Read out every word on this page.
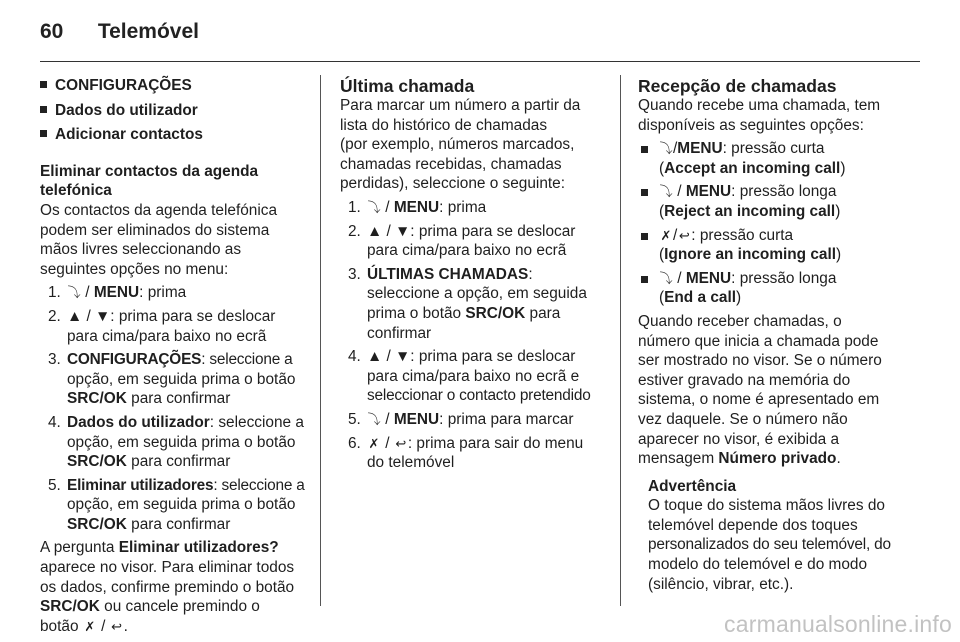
60 Telemóvel

CONFIGURAÇÕES

Dados do utilizador

Adicionar contactos

Eliminar contactos da agenda

telefónica

Os contactos da agenda telefónica

podem ser eliminados do sistema

mãos livres seleccionando as

seguintes opções no menu:

1. ⤵ / MENU: prima
2. ▲ / ▼: prima para se deslocar

para cima/para baixo no ecrã

3. CONFIGURAÇÕES: seleccione a

opção, em seguida prima o botão

SRC/OK para confirmar

4. Dados do utilizador: seleccione a

opção, em seguida prima o botão

SRC/OK para confirmar

5. Eliminar utilizadores: seleccione a

opção, em seguida prima o botão

SRC/OK para confirmar

A pergunta Eliminar utilizadores?

aparece no visor. Para eliminar todos

os dados, confirme premindo o botão

SRC/OK ou cancele premindo o

botão ✗ / ↩ .

Última chamada

Para marcar um número a partir da

lista do histórico de chamadas

(por exemplo, números marcados,

chamadas recebidas, chamadas

perdidas), seleccione o seguinte:

1. ⤵ / MENU: prima
2. ▲ / ▼: prima para se deslocar

para cima/para baixo no ecrã

3. ÚLTIMAS CHAMADAS:

seleccione a opção, em seguida

prima o botão SRC/OK para

confirmar

4. ▲ / ▼: prima para se deslocar

para cima/para baixo no ecrã e

seleccionar o contacto pretendido

5. ⤵ / MENU: prima para marcar
6. ✗ / ↩ : prima para sair do menu

do telemóvel

Recepção de chamadas

Quando recebe uma chamada, tem

disponíveis as seguintes opções:

⤵/MENU: pressão curta

(Accept an incoming call)

⤵ / MENU: pressão longa

(Reject an incoming call)

✗ / ↩ : pressão curta

(Ignore an incoming call)

⤵ / MENU: pressão longa

(End a call)

Quando receber chamadas, o

número que inicia a chamada pode

ser mostrado no visor. Se o número

estiver gravado na memória do

sistema, o nome é apresentado em

vez daquele. Se o número não

aparecer no visor, é exibida a

mensagem Número privado.

Advertência

O toque do sistema mãos livres do

telemóvel depende dos toques

personalizados do seu telemóvel, do

modelo do telemóvel e do modo

(silêncio, vibrar, etc.).

carmanualsonline.info
